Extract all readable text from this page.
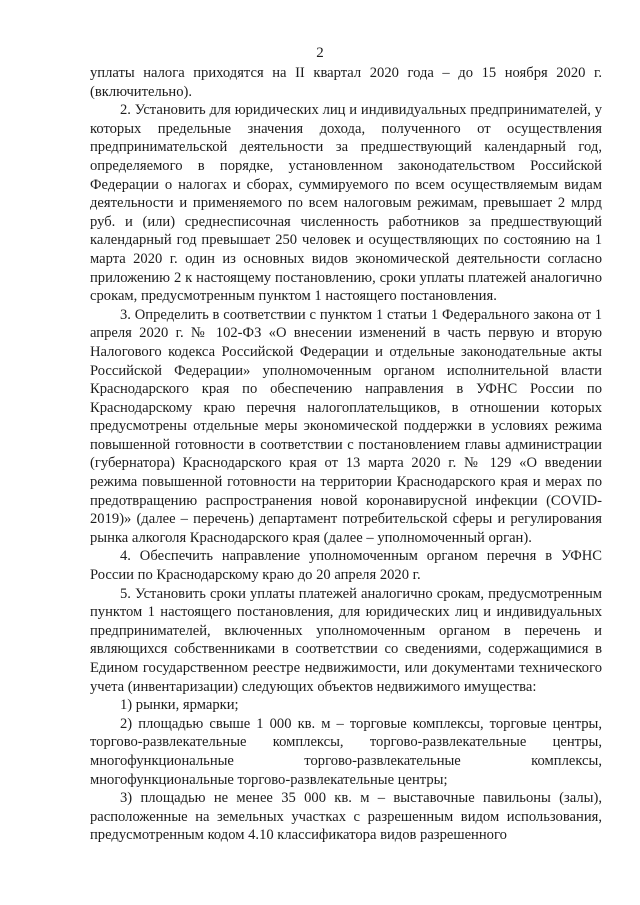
2

уплаты налога приходятся на II квартал 2020 года – до 15 ноября 2020 г. (включительно).

2. Установить для юридических лиц и индивидуальных предпринимателей, у которых предельные значения дохода, полученного от осуществления предпринимательской деятельности за предшествующий календарный год, определяемого в порядке, установленном законодательством Российской Федерации о налогах и сборах, суммируемого по всем осуществляемым видам деятельности и применяемого по всем налоговым режимам, превышает 2 млрд руб. и (или) среднесписочная численность работников за предшествующий календарный год превышает 250 человек и осуществляющих по состоянию на 1 марта 2020 г. один из основных видов экономической деятельности согласно приложению 2 к настоящему постановлению, сроки уплаты платежей аналогично срокам, предусмотренным пунктом 1 настоящего постановления.

3. Определить в соответствии с пунктом 1 статьи 1 Федерального закона от 1 апреля 2020 г. № 102-ФЗ «О внесении изменений в часть первую и вторую Налогового кодекса Российской Федерации и отдельные законодательные акты Российской Федерации» уполномоченным органом исполнительной власти Краснодарского края по обеспечению направления в УФНС России по Краснодарскому краю перечня налогоплательщиков, в отношении которых предусмотрены отдельные меры экономической поддержки в условиях режима повышенной готовности в соответствии с постановлением главы администрации (губернатора) Краснодарского края от 13 марта 2020 г. № 129 «О введении режима повышенной готовности на территории Краснодарского края и мерах по предотвращению распространения новой коронавирусной инфекции (COVID-2019)» (далее – перечень) департамент потребительской сферы и регулирования рынка алкоголя Краснодарского края (далее – уполномоченный орган).

4. Обеспечить направление уполномоченным органом перечня в УФНС России по Краснодарскому краю до 20 апреля 2020 г.

5. Установить сроки уплаты платежей аналогично срокам, предусмотренным пунктом 1 настоящего постановления, для юридических лиц и индивидуальных предпринимателей, включенных уполномоченным органом в перечень и являющихся собственниками в соответствии со сведениями, содержащимися в Едином государственном реестре недвижимости, или документами технического учета (инвентаризации) следующих объектов недвижимого имущества:

1) рынки, ярмарки;

2) площадью свыше 1 000 кв. м – торговые комплексы, торговые центры, торгово-развлекательные комплексы, торгово-развлекательные центры, многофункциональные торгово-развлекательные комплексы, многофункциональные торгово-развлекательные центры;

3) площадью не менее 35 000 кв. м – выставочные павильоны (залы), расположенные на земельных участках с разрешенным видом использования, предусмотренным кодом 4.10 классификатора видов разрешенного
